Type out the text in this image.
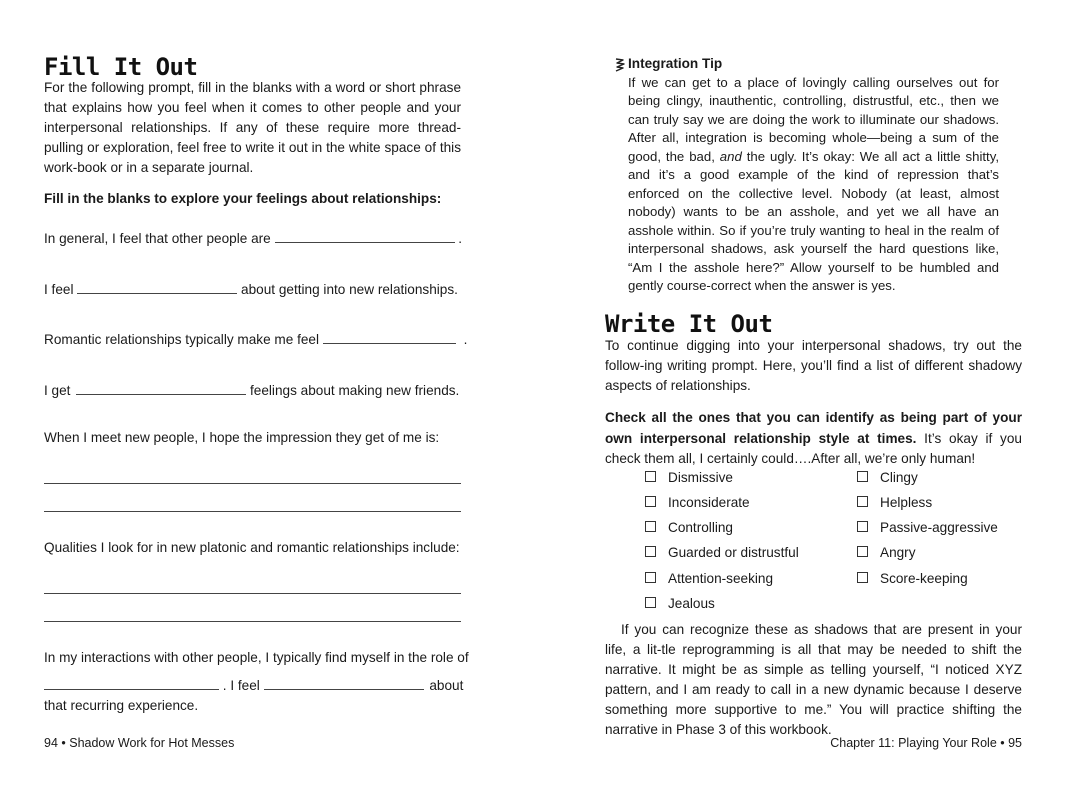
Fill It Out
For the following prompt, fill in the blanks with a word or short phrase that explains how you feel when it comes to other people and your interpersonal relationships. If any of these require more thread-pulling or exploration, feel free to write it out in the white space of this work-book or in a separate journal.
Fill in the blanks to explore your feelings about relationships:
In general, I feel that other people are	.
I feel	about getting into new relationships.
Romantic relationships typically make me feel	.
I get	feelings about making new friends.
When I meet new people, I hope the impression they get of me is:
Qualities I look for in new platonic and romantic relationships include:
In my interactions with other people, I typically find myself in the role of
. I feel	about
that recurring experience.
94 • Shadow Work for Hot Messes
Integration Tip
If we can get to a place of lovingly calling ourselves out for being clingy, inauthentic, controlling, distrustful, etc., then we can truly say we are doing the work to illuminate our shadows. After all, integration is becoming whole—being a sum of the good, the bad, and the ugly. It’s okay: We all act a little shitty, and it’s a good example of the kind of repression that’s enforced on the collective level. Nobody (at least, almost nobody) wants to be an asshole, and yet we all have an asshole within. So if you’re truly wanting to heal in the realm of interpersonal shadows, ask yourself the hard questions like, “Am I the asshole here?” Allow yourself to be humbled and gently course-correct when the answer is yes.
Write It Out
To continue digging into your interpersonal shadows, try out the follow-ing writing prompt. Here, you’ll find a list of different shadowy aspects of relationships.
Check all the ones that you can identify as being part of your own interpersonal relationship style at times. It’s okay if you check them all, I certainly could….After all, we’re only human!
Dismissive
Inconsiderate
Controlling
Guarded or distrustful
Attention-seeking
Jealous
Clingy
Helpless
Passive-aggressive
Angry
Score-keeping
If you can recognize these as shadows that are present in your life, a lit-tle reprogramming is all that may be needed to shift the narrative. It might be as simple as telling yourself, “I noticed XYZ pattern, and I am ready to call in a new dynamic because I deserve something more supportive to me.” You will practice shifting the narrative in Phase 3 of this workbook.
Chapter 11: Playing Your Role • 95
